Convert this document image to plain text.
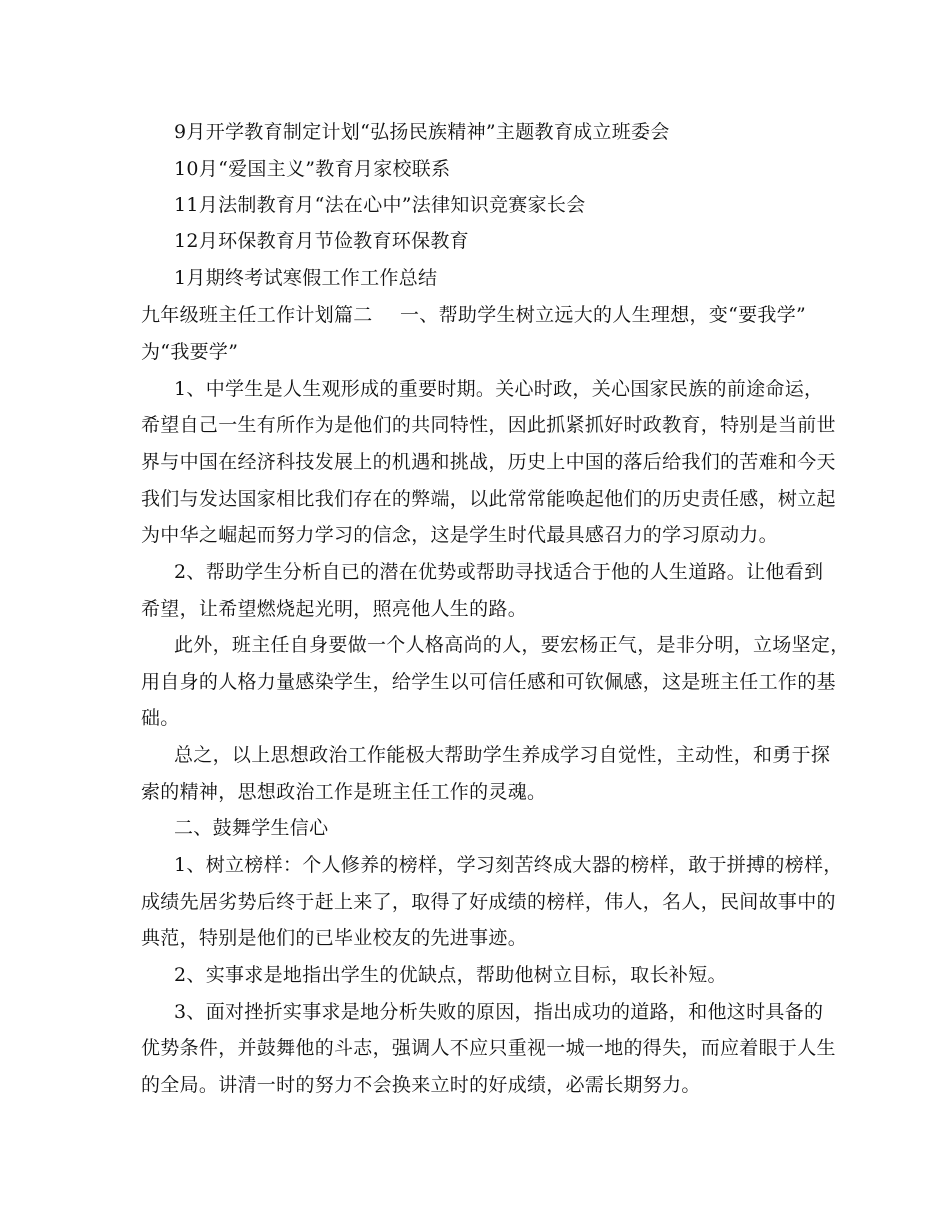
9月开学教育制定计划“弘扬民族精神”主题教育成立班委会
10月“爱国主义”教育月家校联系
11月法制教育月“法在心中”法律知识竞赛家长会
12月环保教育月节俭教育环保教育
1月期终考试寒假工作工作总结
九年级班主任工作计划篇二 一、帮助学生树立远大的人生理想，变“要我学”
为“我要学”
1、中学生是人生观形成的重要时期。关心时政，关心国家民族的前途命运，
希望自己一生有所作为是他们的共同特性，因此抓紧抓好时政教育，特别是当前世
界与中国在经济科技发展上的机遇和挑战，历史上中国的落后给我们的苦难和今天
我们与发达国家相比我们存在的弊端，以此常常能唤起他们的历史责任感，树立起
为中华之崛起而努力学习的信念，这是学生时代最具感召力的学习原动力。
2、帮助学生分析自已的潜在优势或帮助寻找适合于他的人生道路。让他看到
希望，让希望燃烧起光明，照亮他人生的路。
此外，班主任自身要做一个人格高尚的人，要宏杨正气，是非分明，立场坚定，
用自身的人格力量感染学生，给学生以可信任感和可钦佩感，这是班主任工作的基
础。
总之，以上思想政治工作能极大帮助学生养成学习自觉性，主动性，和勇于探
索的精神，思想政治工作是班主任工作的灵魂。
二、鼓舞学生信心
1、树立榜样：个人修养的榜样，学习刻苦终成大器的榜样，敢于拼搏的榜样，
成绩先居劣势后终于赶上来了，取得了好成绩的榜样，伟人，名人，民间故事中的
典范，特别是他们的已毕业校友的先进事迹。
2、实事求是地指出学生的优缺点，帮助他树立目标，取长补短。
3、面对挫折实事求是地分析失败的原因，指出成功的道路，和他这时具备的
优势条件，并鼓舞他的斗志，强调人不应只重视一城一地的得失，而应着眼于人生
的全局。讲清一时的努力不会换来立时的好成绩，必需长期努力。
